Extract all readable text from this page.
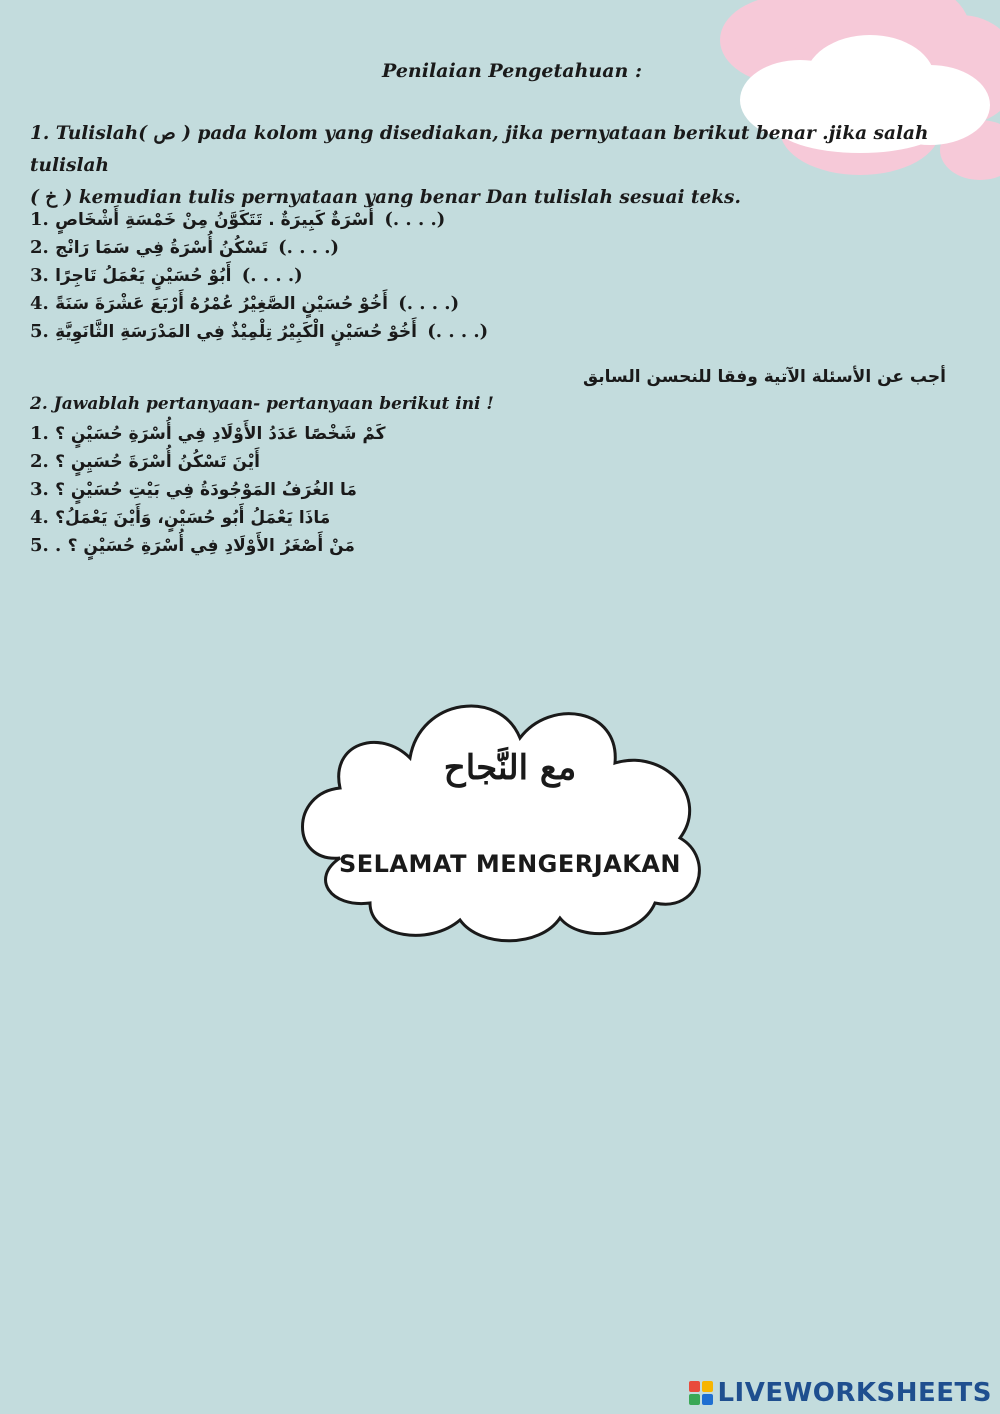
Penilaian Pengetahuan :
1. Tulislah( ص ) pada kolom yang disediakan, jika pernyataan berikut benar .jika salah tulislah
( خ ) kemudian tulis pernyataan yang benar Dan tulislah sesuai teks.
1. أُسْرَةٌ كَبِيرَةٌ . تَتَكَوَّنُ مِنْ خَمْسَةِ أَشْخَاصٍ (. . . .)
2. تَسْكُنُ أُسْرَةُ فِي سَمَا رَانْج (. . . .)
3. أَبُوْ حُسَيْنٍ يَعْمَلُ تَاجِرًا (. . . .)
4. أَخُوْ حُسَيْنٍ الصَّغِيْرُ عُمْرُهُ أَرْبَعَ عَشْرَةَ سَنَةً (. . . .)
5. أَخُوْ حُسَيْنٍ الْكَبِيْرُ تِلْمِيْذٌ فِي المَدْرَسَةِ الثَّانَوِيَّةِ (. . . .)
أجب عن الأسئلة الآتية وفقا للنحسن السابق
2. Jawablah pertanyaan- pertanyaan berikut ini !
1. كَمْ شَخْصًا عَدَدُ الأَوْلَادِ فِي أُسْرَةِ حُسَيْنٍ ؟
2. أَيْنَ تَسْكُنُ أُسْرَةَ حُسَيِنٍ ؟
3. مَا الغُرَفُ المَوْجُودَةُ فِي بَيْتِ حُسَيْنٍ ؟
4. مَاذَا يَعْمَلُ أَبُو حُسَيْنٍ، وَأَيْنَ يَعْمَلُ؟
5. . مَنْ أَصْغَرُ الأَوْلَادِ فِي أُسْرَةِ حُسَيْنٍ ؟
مع النَّجاح
SELAMAT MENGERJAKAN
LIVEWORKSHEETS
